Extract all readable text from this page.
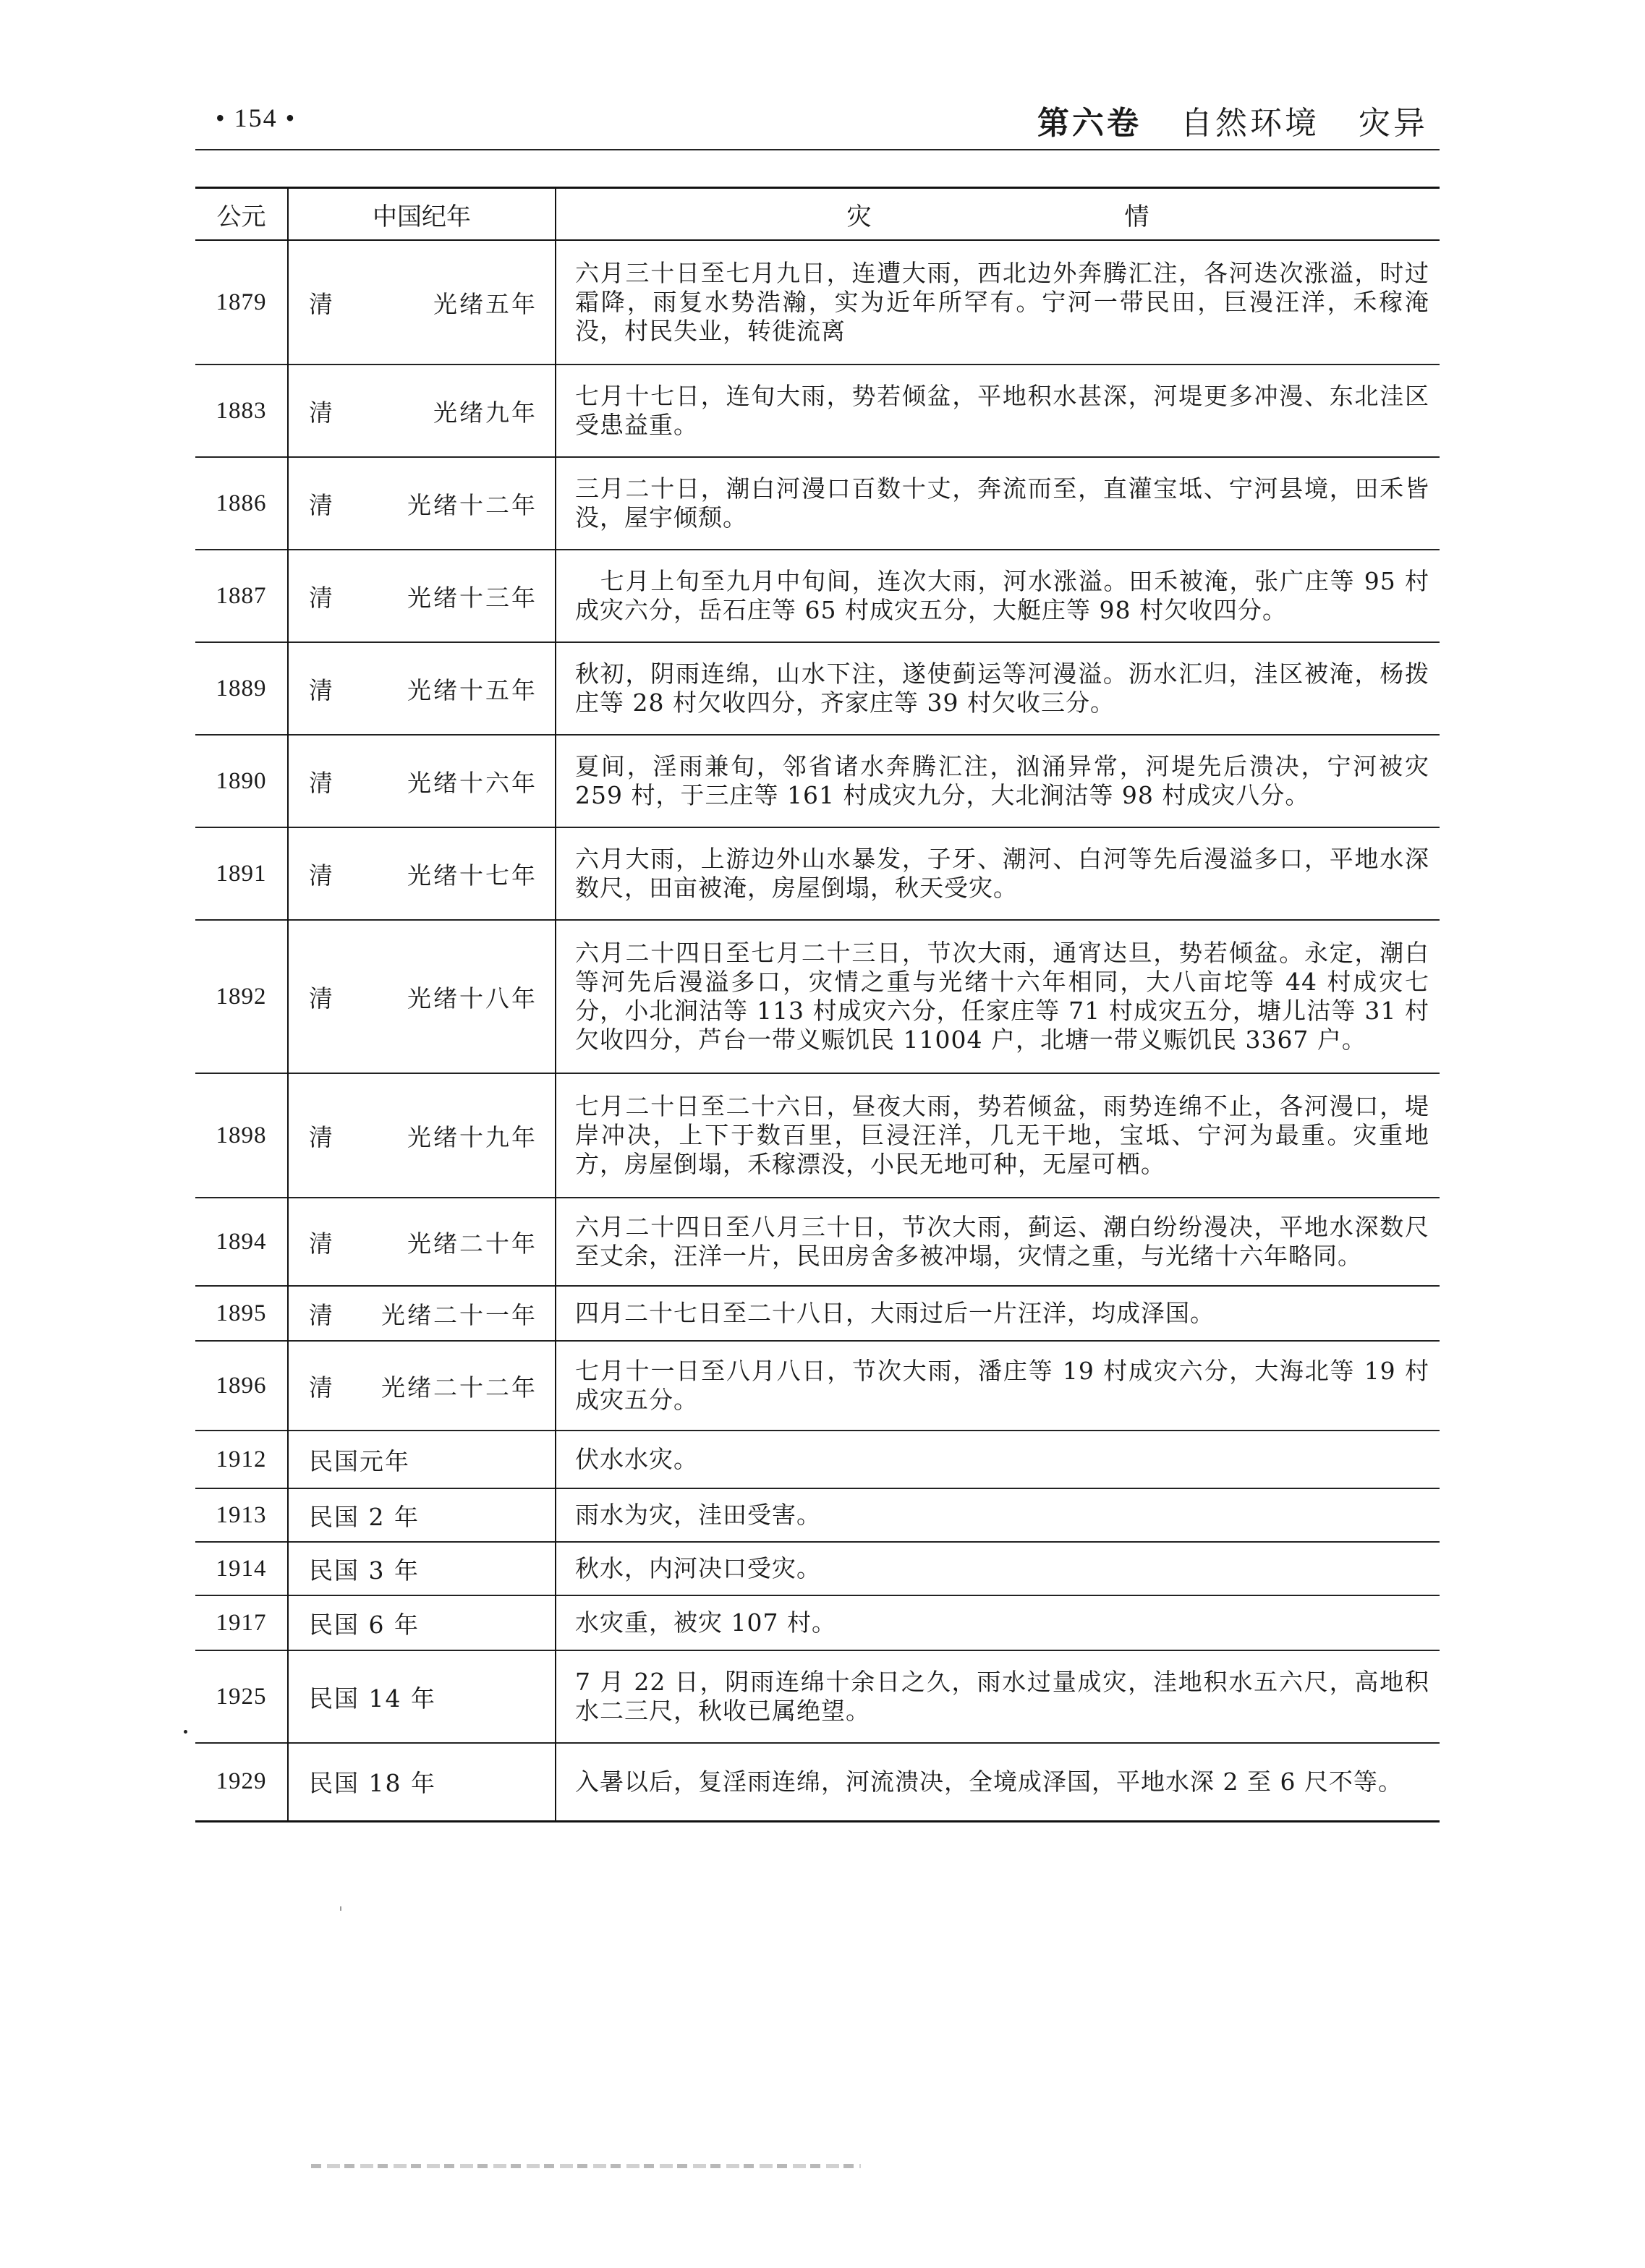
• 154 •	第六卷 自然环境 灾异
公元	中国纪年	灾 情
1879	清 光绪五年	六月三十日至七月九日，连遭大雨，西北边外奔腾汇注，各河迭次涨溢，时过霜降，雨复水势浩瀚，实为近年所罕有。宁河一带民田，巨漫汪洋，禾稼淹没，村民失业，转徙流离
1883	清 光绪九年	七月十七日，连旬大雨，势若倾盆，平地积水甚深，河堤更多冲漫、东北洼区受患益重。
1886	清 光绪十二年	三月二十日，潮白河漫口百数十丈，奔流而至，直灌宝坻、宁河县境，田禾皆没，屋宇倾颓。
1887	清 光绪十三年	　七月上旬至九月中旬间，连次大雨，河水涨溢。田禾被淹，张广庄等 95 村成灾六分，岳石庄等 65 村成灾五分，大艇庄等 98 村欠收四分。
1889	清 光绪十五年	秋初，阴雨连绵，山水下注，遂使蓟运等河漫溢。沥水汇归，洼区被淹，杨拨庄等 28 村欠收四分，齐家庄等 39 村欠收三分。
1890	清 光绪十六年	夏间，淫雨兼旬，邻省诸水奔腾汇注，汹涌异常，河堤先后溃决，宁河被灾 259 村，于三庄等 161 村成灾九分，大北涧沽等 98 村成灾八分。
1891	清 光绪十七年	六月大雨，上游边外山水暴发，子牙、潮河、白河等先后漫溢多口，平地水深数尺，田亩被淹，房屋倒塌，秋天受灾。
1892	清 光绪十八年	六月二十四日至七月二十三日，节次大雨，通宵达旦，势若倾盆。永定，潮白等河先后漫溢多口，灾情之重与光绪十六年相同，大八亩坨等 44 村成灾七分，小北涧沽等 113 村成灾六分，任家庄等 71 村成灾五分，塘儿沽等 31 村欠收四分，芦台一带义赈饥民 11004 户，北塘一带义赈饥民 3367 户。
1898	清 光绪十九年	七月二十日至二十六日，昼夜大雨，势若倾盆，雨势连绵不止，各河漫口，堤岸冲决，上下于数百里，巨浸汪洋，几无干地，宝坻、宁河为最重。灾重地方，房屋倒塌，禾稼漂没，小民无地可种，无屋可栖。
1894	清 光绪二十年	六月二十四日至八月三十日，节次大雨，蓟运、潮白纷纷漫决，平地水深数尺至丈余，汪洋一片，民田房舍多被冲塌，灾情之重，与光绪十六年略同。
1895	清 光绪二十一年	四月二十七日至二十八日，大雨过后一片汪洋，均成泽国。
1896	清 光绪二十二年	七月十一日至八月八日，节次大雨，潘庄等 19 村成灾六分，大海北等 19 村成灾五分。
1912	民国元年	伏水水灾。
1913	民国 2 年	雨水为灾，洼田受害。
1914	民国 3 年	秋水，内河决口受灾。
1917	民国 6 年	水灾重，被灾 107 村。
1925	民国 14 年	7 月 22 日，阴雨连绵十余日之久，雨水过量成灾，洼地积水五六尺，高地积水二三尺，秋收已属绝望。
1929	民国 18 年	入暑以后，复淫雨连绵，河流溃决，全境成泽国，平地水深 2 至 6 尺不等。
